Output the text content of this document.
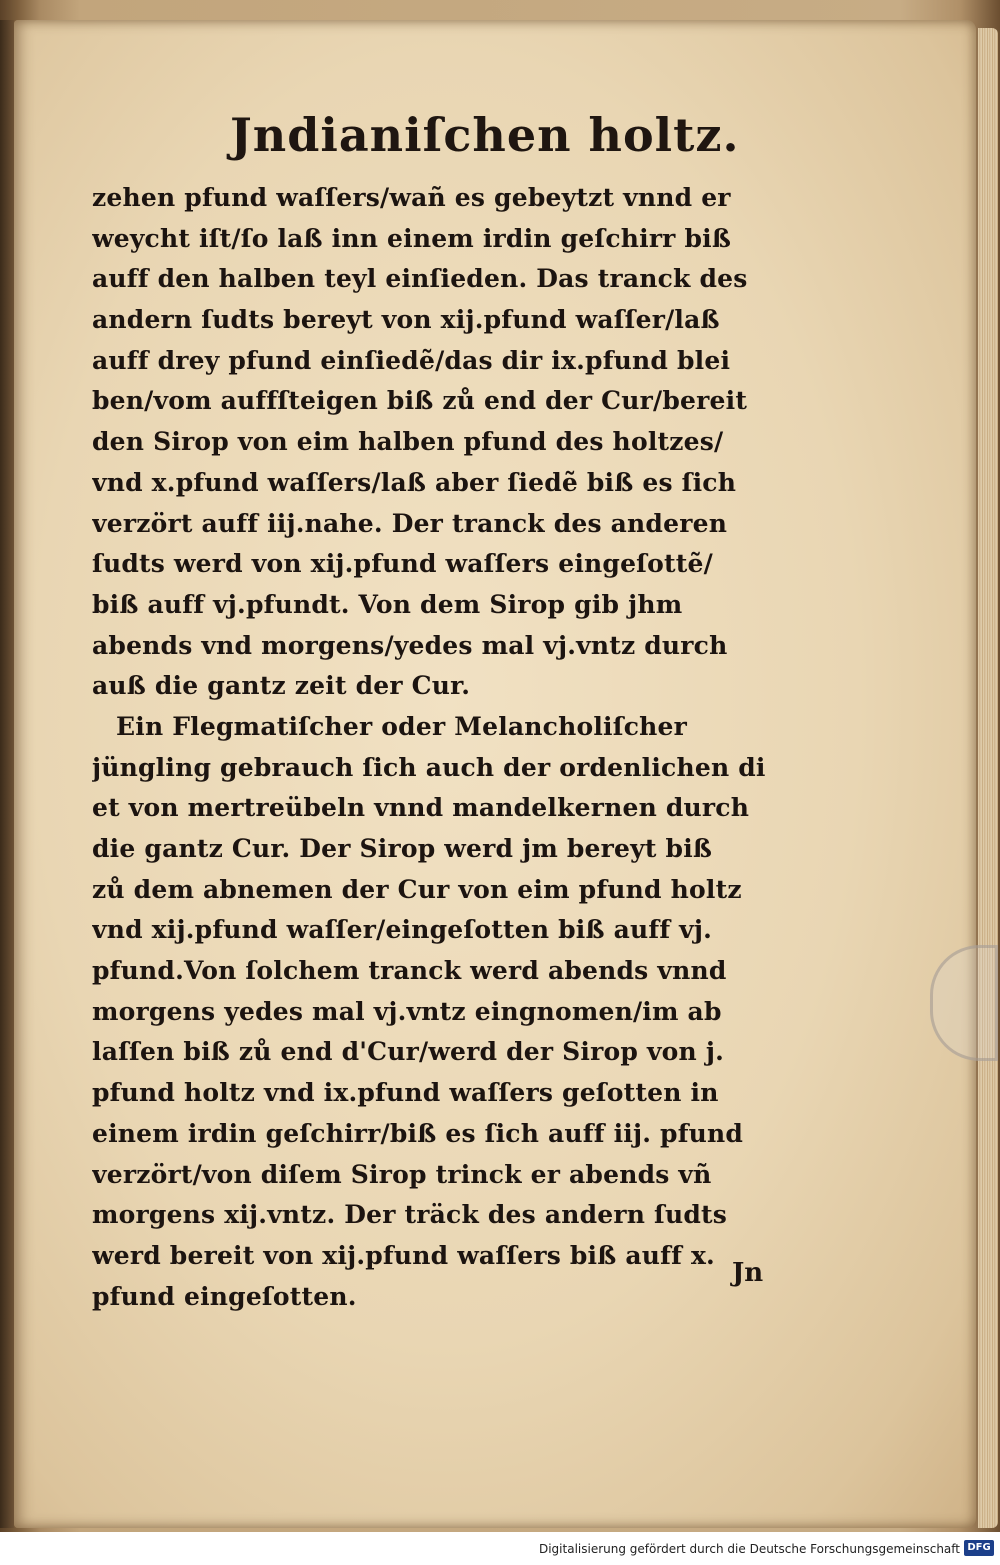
Jndianiſchen holtz.
zehen pfund waſſers/wañ es gebeytzt vnnd er
weycht iſt/ſo laß inn einem irdin geſchirr biß
auff den halben teyl einſieden. Das tranck des
andern ſudts bereyt von xij.pfund waſſer/laß
auff drey pfund einſiedẽ/das dir ix.pfund blei
ben/vom auffſteigen biß zů end der Cur/bereit
den Sirop von eim halben pfund des holtzes/
vnd x.pfund waſſers/laß aber ſiedẽ biß es ſich
verzört auff iij.nahe. Der tranck des anderen
ſudts werd von xij.pfund waſſers eingeſottẽ/
biß auff vj.pfundt. Von dem Sirop gib jhm
abends vnd morgens/yedes mal vj.vntz durch
auß die gantz zeit der Cur.
Ein Flegmatiſcher oder Melancholiſcher
jüngling gebrauch ſich auch der ordenlichen di
et von mertreübeln vnnd mandelkernen durch
die gantz Cur. Der Sirop werd jm bereyt biß
zů dem abnemen der Cur von eim pfund holtz
vnd xij.pfund waſſer/eingeſotten biß auff vj.
pfund.Von ſolchem tranck werd abends vnnd
morgens yedes mal vj.vntz eingnomen/im ab
laſſen biß zů end d'Cur/werd der Sirop von j.
pfund holtz vnd ix.pfund waſſers geſotten in
einem irdin geſchirr/biß es ſich auff iij. pfund
verzört/von diſem Sirop trinck er abends vñ
morgens xij.vntz. Der träck des andern ſudts
werd bereit von xij.pfund waſſers biß auff x.
pfund eingeſotten.
Jn
Digitalisierung gefördert durch die Deutsche Forschungsgemeinschaft DFG
